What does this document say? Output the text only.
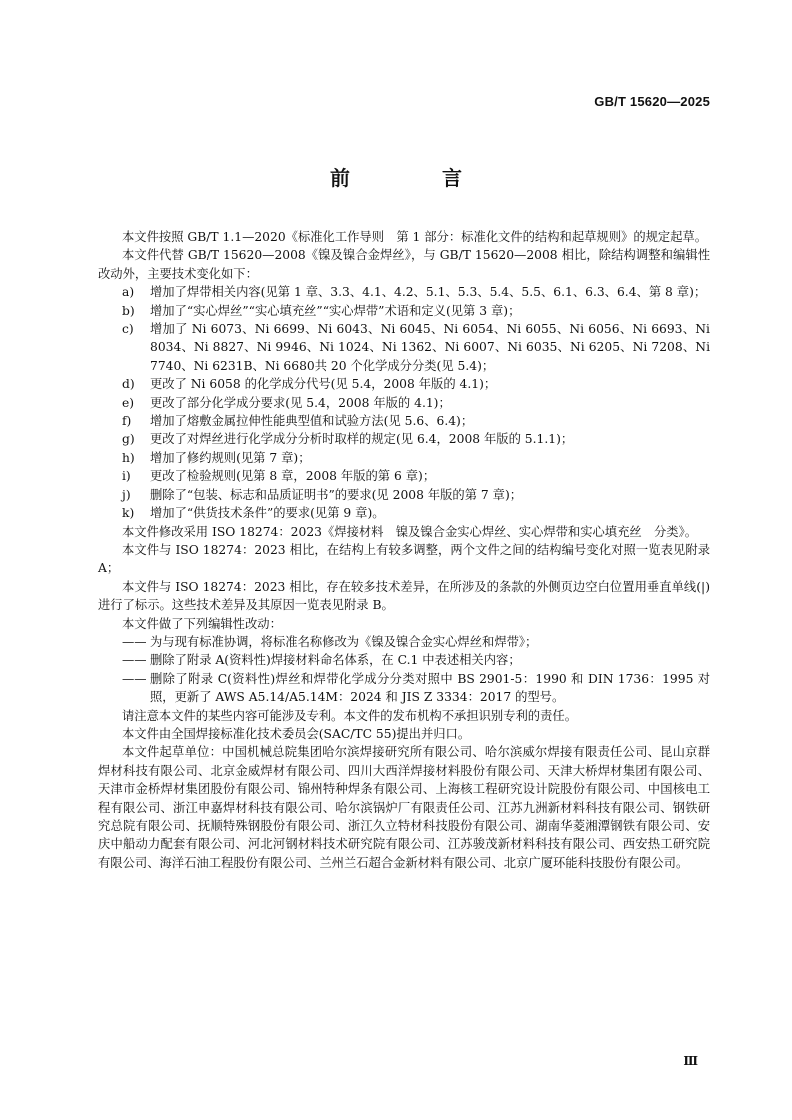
GB/T 15620—2025
前　言

本文件按照 GB/T 1.1—2020《标准化工作导则　第 1 部分：标准化文件的结构和起草规则》的规定起草。

本文件代替 GB/T 15620—2008《镍及镍合金焊丝》，与 GB/T 15620—2008 相比，除结构调整和编辑性改动外，主要技术变化如下：

a) 增加了焊带相关内容(见第 1 章、3.3、4.1、4.2、5.1、5.3、5.4、5.5、6.1、6.3、6.4、第 8 章)；

b) 增加了“实心焊丝”“实心填充丝”“实心焊带”术语和定义(见第 3 章)；

c) 增加了 Ni 6073、Ni 6699、Ni 6043、Ni 6045、Ni 6054、Ni 6055、Ni 6056、Ni 6693、Ni 8034、Ni 8827、Ni 9946、Ni 1024、Ni 1362、Ni 6007、Ni 6035、Ni 6205、Ni 7208、Ni 7740、Ni 6231B、Ni 6680共 20 个化学成分分类(见 5.4)；

d) 更改了 Ni 6058 的化学成分代号(见 5.4，2008 年版的 4.1)；

e) 更改了部分化学成分要求(见 5.4，2008 年版的 4.1)；

f) 增加了熔敷金属拉伸性能典型值和试验方法(见 5.6、6.4)；

g) 更改了对焊丝进行化学成分分析时取样的规定(见 6.4，2008 年版的 5.1.1)；

h) 增加了修约规则(见第 7 章)；

i) 更改了检验规则(见第 8 章，2008 年版的第 6 章)；

j) 删除了“包装、标志和品质证明书”的要求(见 2008 年版的第 7 章)；

k) 增加了“供货技术条件”的要求(见第 9 章)。

本文件修改采用 ISO 18274：2023《焊接材料　镍及镍合金实心焊丝、实心焊带和实心填充丝　分类》。

本文件与 ISO 18274：2023 相比，在结构上有较多调整，两个文件之间的结构编号变化对照一览表见附录 A；

本文件与 ISO 18274：2023 相比，存在较多技术差异，在所涉及的条款的外侧页边空白位置用垂直单线(|)进行了标示。这些技术差异及其原因一览表见附录 B。

本文件做了下列编辑性改动：

—— 为与现有标准协调，将标准名称修改为《镍及镍合金实心焊丝和焊带》；

—— 删除了附录 A(资料性)焊接材料命名体系，在 C.1 中表述相关内容；

—— 删除了附录 C(资料性)焊丝和焊带化学成分分类对照中 BS 2901-5：1990 和 DIN 1736：1995 对照，更新了 AWS A5.14/A5.14M：2024 和 JIS Z 3334：2017 的型号。

请注意本文件的某些内容可能涉及专利。本文件的发布机构不承担识别专利的责任。

本文件由全国焊接标准化技术委员会(SAC/TC 55)提出并归口。

本文件起草单位：中国机械总院集团哈尔滨焊接研究所有限公司、哈尔滨威尔焊接有限责任公司、昆山京群焊材科技有限公司、北京金威焊材有限公司、四川大西洋焊接材料股份有限公司、天津大桥焊材集团有限公司、天津市金桥焊材集团股份有限公司、锦州特种焊条有限公司、上海核工程研究设计院股份有限公司、中国核电工程有限公司、浙江申嘉焊材科技有限公司、哈尔滨锅炉厂有限责任公司、江苏九洲新材料科技有限公司、钢铁研究总院有限公司、抚顺特殊钢股份有限公司、浙江久立特材科技股份有限公司、湖南华菱湘潭钢铁有限公司、安庆中船动力配套有限公司、河北河钢材料技术研究院有限公司、江苏骏茂新材料科技有限公司、西安热工研究院有限公司、海洋石油工程股份有限公司、兰州兰石超合金新材料有限公司、北京广厦环能科技股份有限公司。

Ⅲ
